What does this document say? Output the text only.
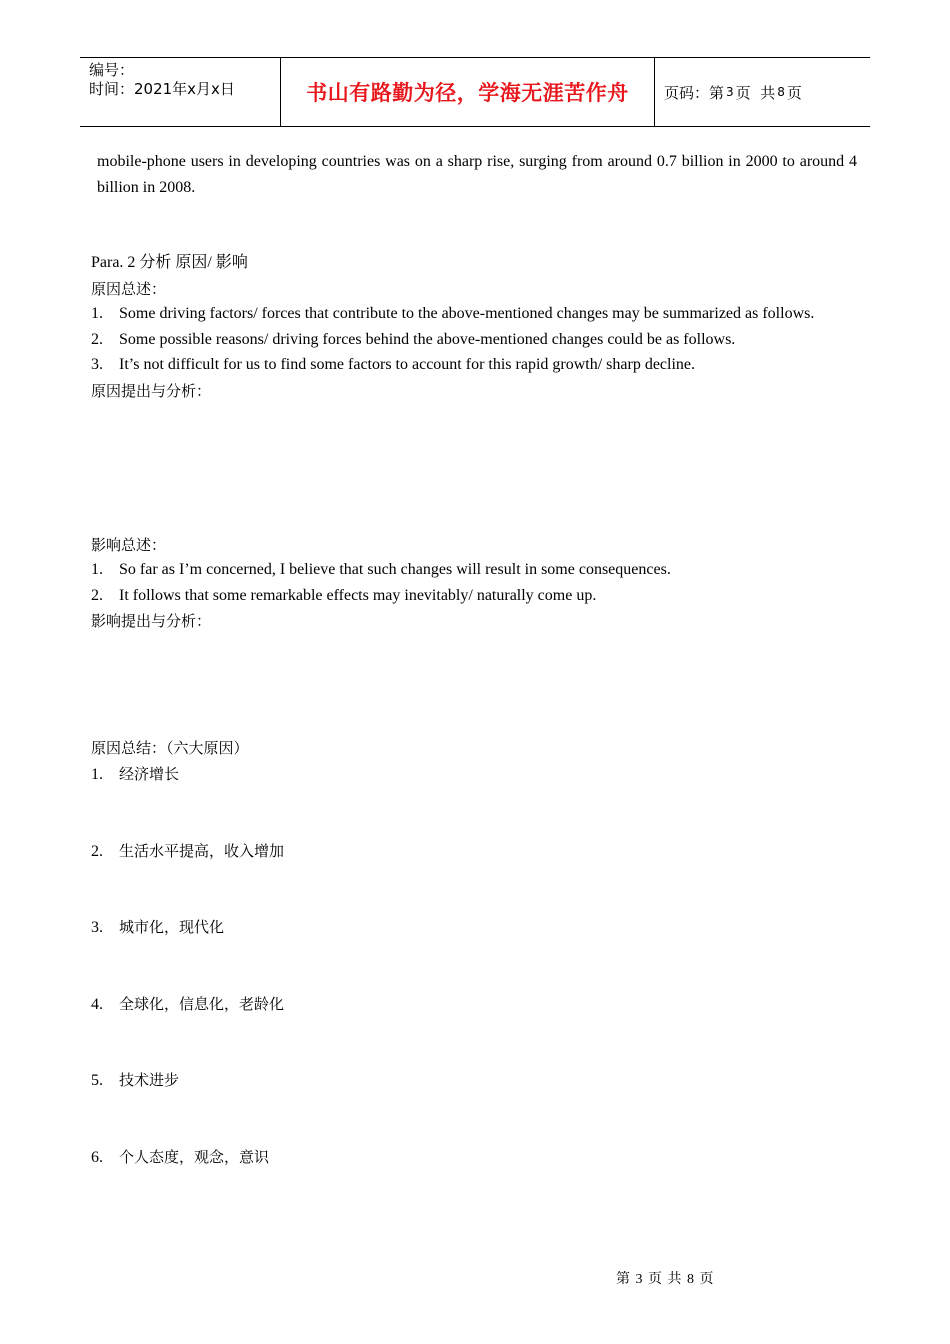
编号：
时间：2021年x月x日	书山有路勤为径，学海无涯苦作舟	页码：第 3 页  共 8 页
mobile-phone users in developing countries was on a sharp rise, surging from around 0.7 billion in 2000 to around 4 billion in 2008.
Para. 2 分析 原因/ 影响
原因总述：
1. Some driving factors/ forces that contribute to the above-mentioned changes may be summarized as follows.
2. Some possible reasons/ driving forces behind the above-mentioned changes could be as follows.
3. It’s not difficult for us to find some factors to account for this rapid growth/ sharp decline.
原因提出与分析：
影响总述：
1. So far as I’m concerned, I believe that such changes will result in some consequences.
2. It follows that some remarkable effects may inevitably/ naturally come up.
影响提出与分析：
原因总结：（六大原因）
1. 经济增长
2. 生活水平提高，收入增加
3. 城市化，现代化
4. 全球化，信息化，老龄化
5. 技术进步
6. 个人态度，观念，意识
第 3 页 共 8 页
